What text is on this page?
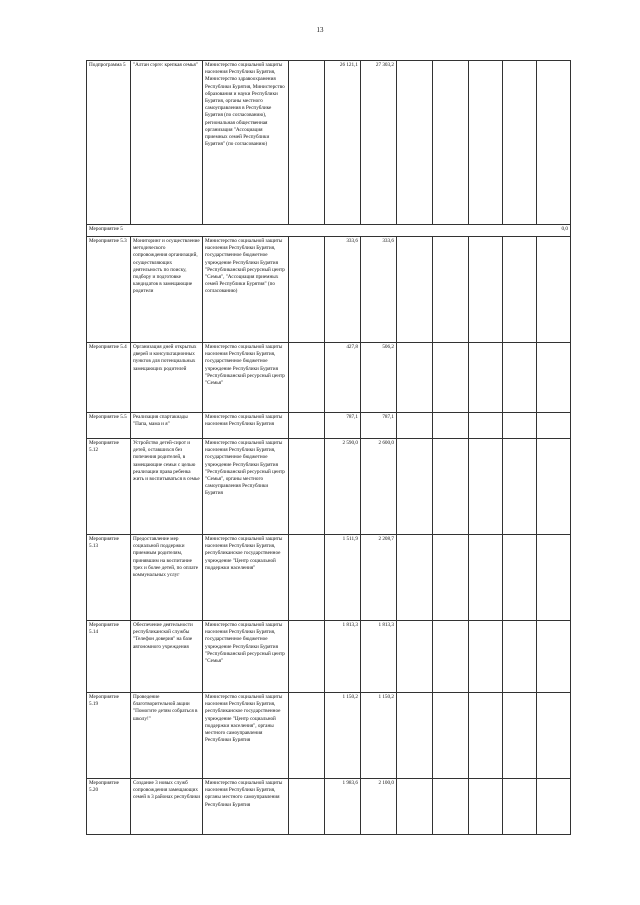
13
Подпрограмма 5	"Алтан сэрге: крепкая семья"	Министерство социальной защиты населения Республики Бурятия, Министерство здравоохранения Республики Бурятия, Министерство образования и науки Республики Бурятия, органы местного самоуправления в Республике Бурятия (по согласованию), региональная общественная организация "Ассоциация приемных семей Республики Бурятия" (по согласованию)		26 121,1	27 303,2					

Мероприятие 5 0,0										

Мероприятие 5.3	Мониторинг и осуществление методического сопровождения организаций, осуществляющих деятельность по поиску, подбору и подготовке кандидатов в замещающие родители	Министерство социальной защиты населения Республики Бурятия, государственное бюджетное учреждение Республики Бурятия "Республиканский ресурсный центр "Семья", "Ассоциация приемных семей Республики Бурятия" (по согласованию)		333,6	333,6					
Мероприятие 5.4	Организация дней открытых дверей и консультационных пунктов для потенциальных замещающих родителей	Министерство социальной защиты населения Республики Бурятия, государственное бюджетное учреждение Республики Бурятия "Республиканский ресурсный центр "Семья"		427,8	506,2					
Мероприятие 5.5	Реализация спартакиады "Папа, мама и я"	Министерство социальной защиты населения Республики Бурятия		787,1	787,1					
Мероприятие 5.12	Устройство детей-сирот и детей, оставшихся без попечения родителей, в замещающие семьи с целью реализации права ребенка жить и воспитываться в семье	Министерство социальной защиты населения Республики Бурятия, государственное бюджетное учреждение Республики Бурятия "Республиканский ресурсный центр "Семья", органы местного самоуправления Республики Бурятия		2 590,0	2 600,0					
Мероприятие 5.13	Предоставление мер социальной поддержки приемным родителям, принявшим на воспитание трех и более детей, по оплате коммунальных услуг	Министерство социальной защиты населения Республики Бурятия, республиканское государственное учреждение "Центр социальной поддержки населения"		1 511,9	2 208,7					
Мероприятие 5.14	Обеспечение деятельности республиканской службы "Телефон доверия" на базе автономного учреждения	Министерство социальной защиты населения Республики Бурятия, государственное бюджетное учреждение Республики Бурятия "Республиканский ресурсный центр "Семья"		1 813,3	1 813,3					
Мероприятие 5.19	Проведение благотворительной акции "Помогите детям собраться в школу!"	Министерство социальной защиты населения Республики Бурятия, республиканское государственное учреждение "Центр социальной поддержки населения", органы местного самоуправления Республики Бурятия		1 150,2	1 150,2					
Мероприятие 5.20	Создание 3 новых служб сопровождения замещающих семей в 3 районах республики	Министерство социальной защиты населения Республики Бурятия, органы местного самоуправления Республики Бурятия		1 983,6	2 100,0					
